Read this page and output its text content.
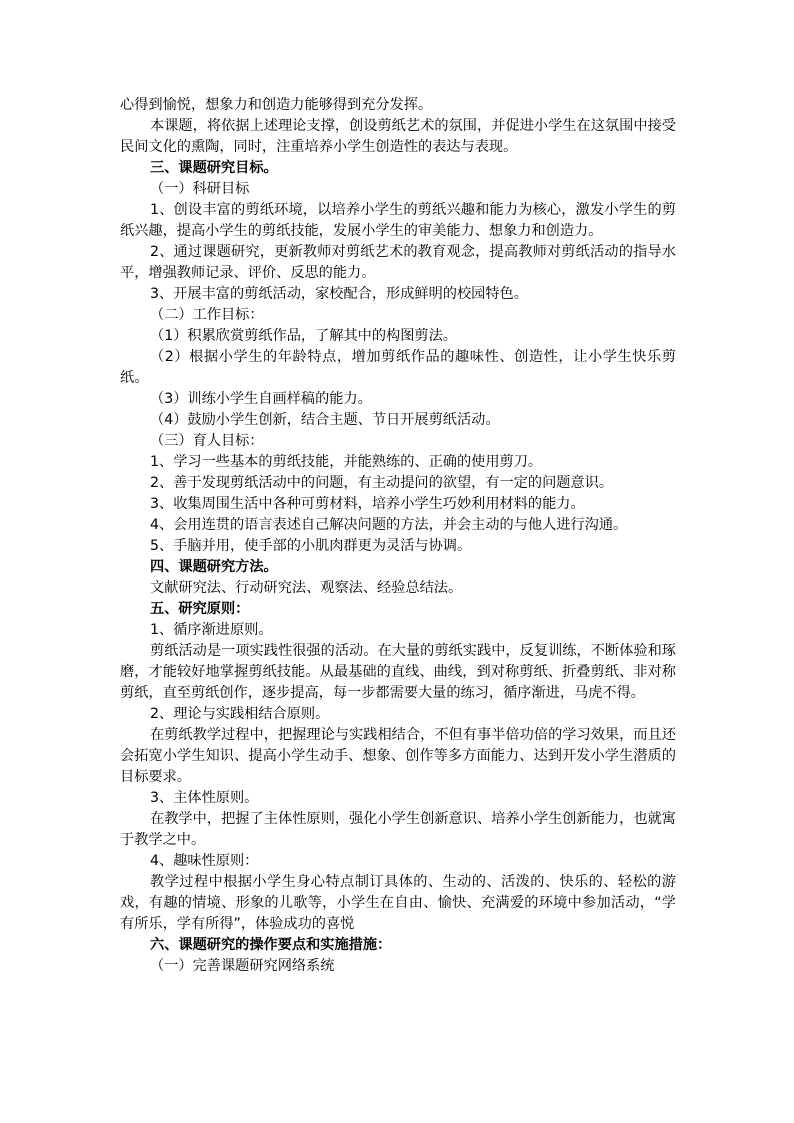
心得到愉悦，想象力和创造力能够得到充分发挥。

本课题，将依据上述理论支撑，创设剪纸艺术的氛围，并促进小学生在这氛围中接受民间文化的熏陶，同时，注重培养小学生创造性的表达与表现。

三、课题研究目标。

（一）科研目标

1、创设丰富的剪纸环境，以培养小学生的剪纸兴趣和能力为核心，激发小学生的剪纸兴趣，提高小学生的剪纸技能，发展小学生的审美能力、想象力和创造力。

2、通过课题研究，更新教师对剪纸艺术的教育观念，提高教师对剪纸活动的指导水平，增强教师记录、评价、反思的能力。

3、开展丰富的剪纸活动，家校配合，形成鲜明的校园特色。

（二）工作目标：

（1）积累欣赏剪纸作品，了解其中的构图剪法。

（2）根据小学生的年龄特点，增加剪纸作品的趣味性、创造性，让小学生快乐剪纸。

（3）训练小学生自画样稿的能力。

（4）鼓励小学生创新，结合主题、节日开展剪纸活动。

（三）育人目标：

1、学习一些基本的剪纸技能，并能熟练的、正确的使用剪刀。

2、善于发现剪纸活动中的问题，有主动提问的欲望，有一定的问题意识。

3、收集周围生活中各种可剪材料，培养小学生巧妙利用材料的能力。

4、会用连贯的语言表述自己解决问题的方法，并会主动的与他人进行沟通。

5、手脑并用，使手部的小肌肉群更为灵活与协调。

四、课题研究方法。

文献研究法、行动研究法、观察法、经验总结法。

五、研究原则：

1、循序渐进原则。

剪纸活动是一项实践性很强的活动。在大量的剪纸实践中，反复训练，不断体验和琢磨，才能较好地掌握剪纸技能。从最基础的直线、曲线，到对称剪纸、折叠剪纸、非对称剪纸，直至剪纸创作，逐步提高，每一步都需要大量的练习，循序渐进，马虎不得。

2、理论与实践相结合原则。

在剪纸教学过程中，把握理论与实践相结合，不但有事半倍功倍的学习效果，而且还会拓宽小学生知识、提高小学生动手、想象、创作等多方面能力、达到开发小学生潜质的目标要求。

3、主体性原则。

在教学中，把握了主体性原则，强化小学生创新意识、培养小学生创新能力，也就寓于教学之中。

4、趣味性原则：

教学过程中根据小学生身心特点制订具体的、生动的、活泼的、快乐的、轻松的游戏，有趣的情境、形象的儿歌等，小学生在自由、愉快、充满爱的环境中参加活动，“学有所乐，学有所得”，体验成功的喜悦

六、课题研究的操作要点和实施措施：

（一）完善课题研究网络系统
